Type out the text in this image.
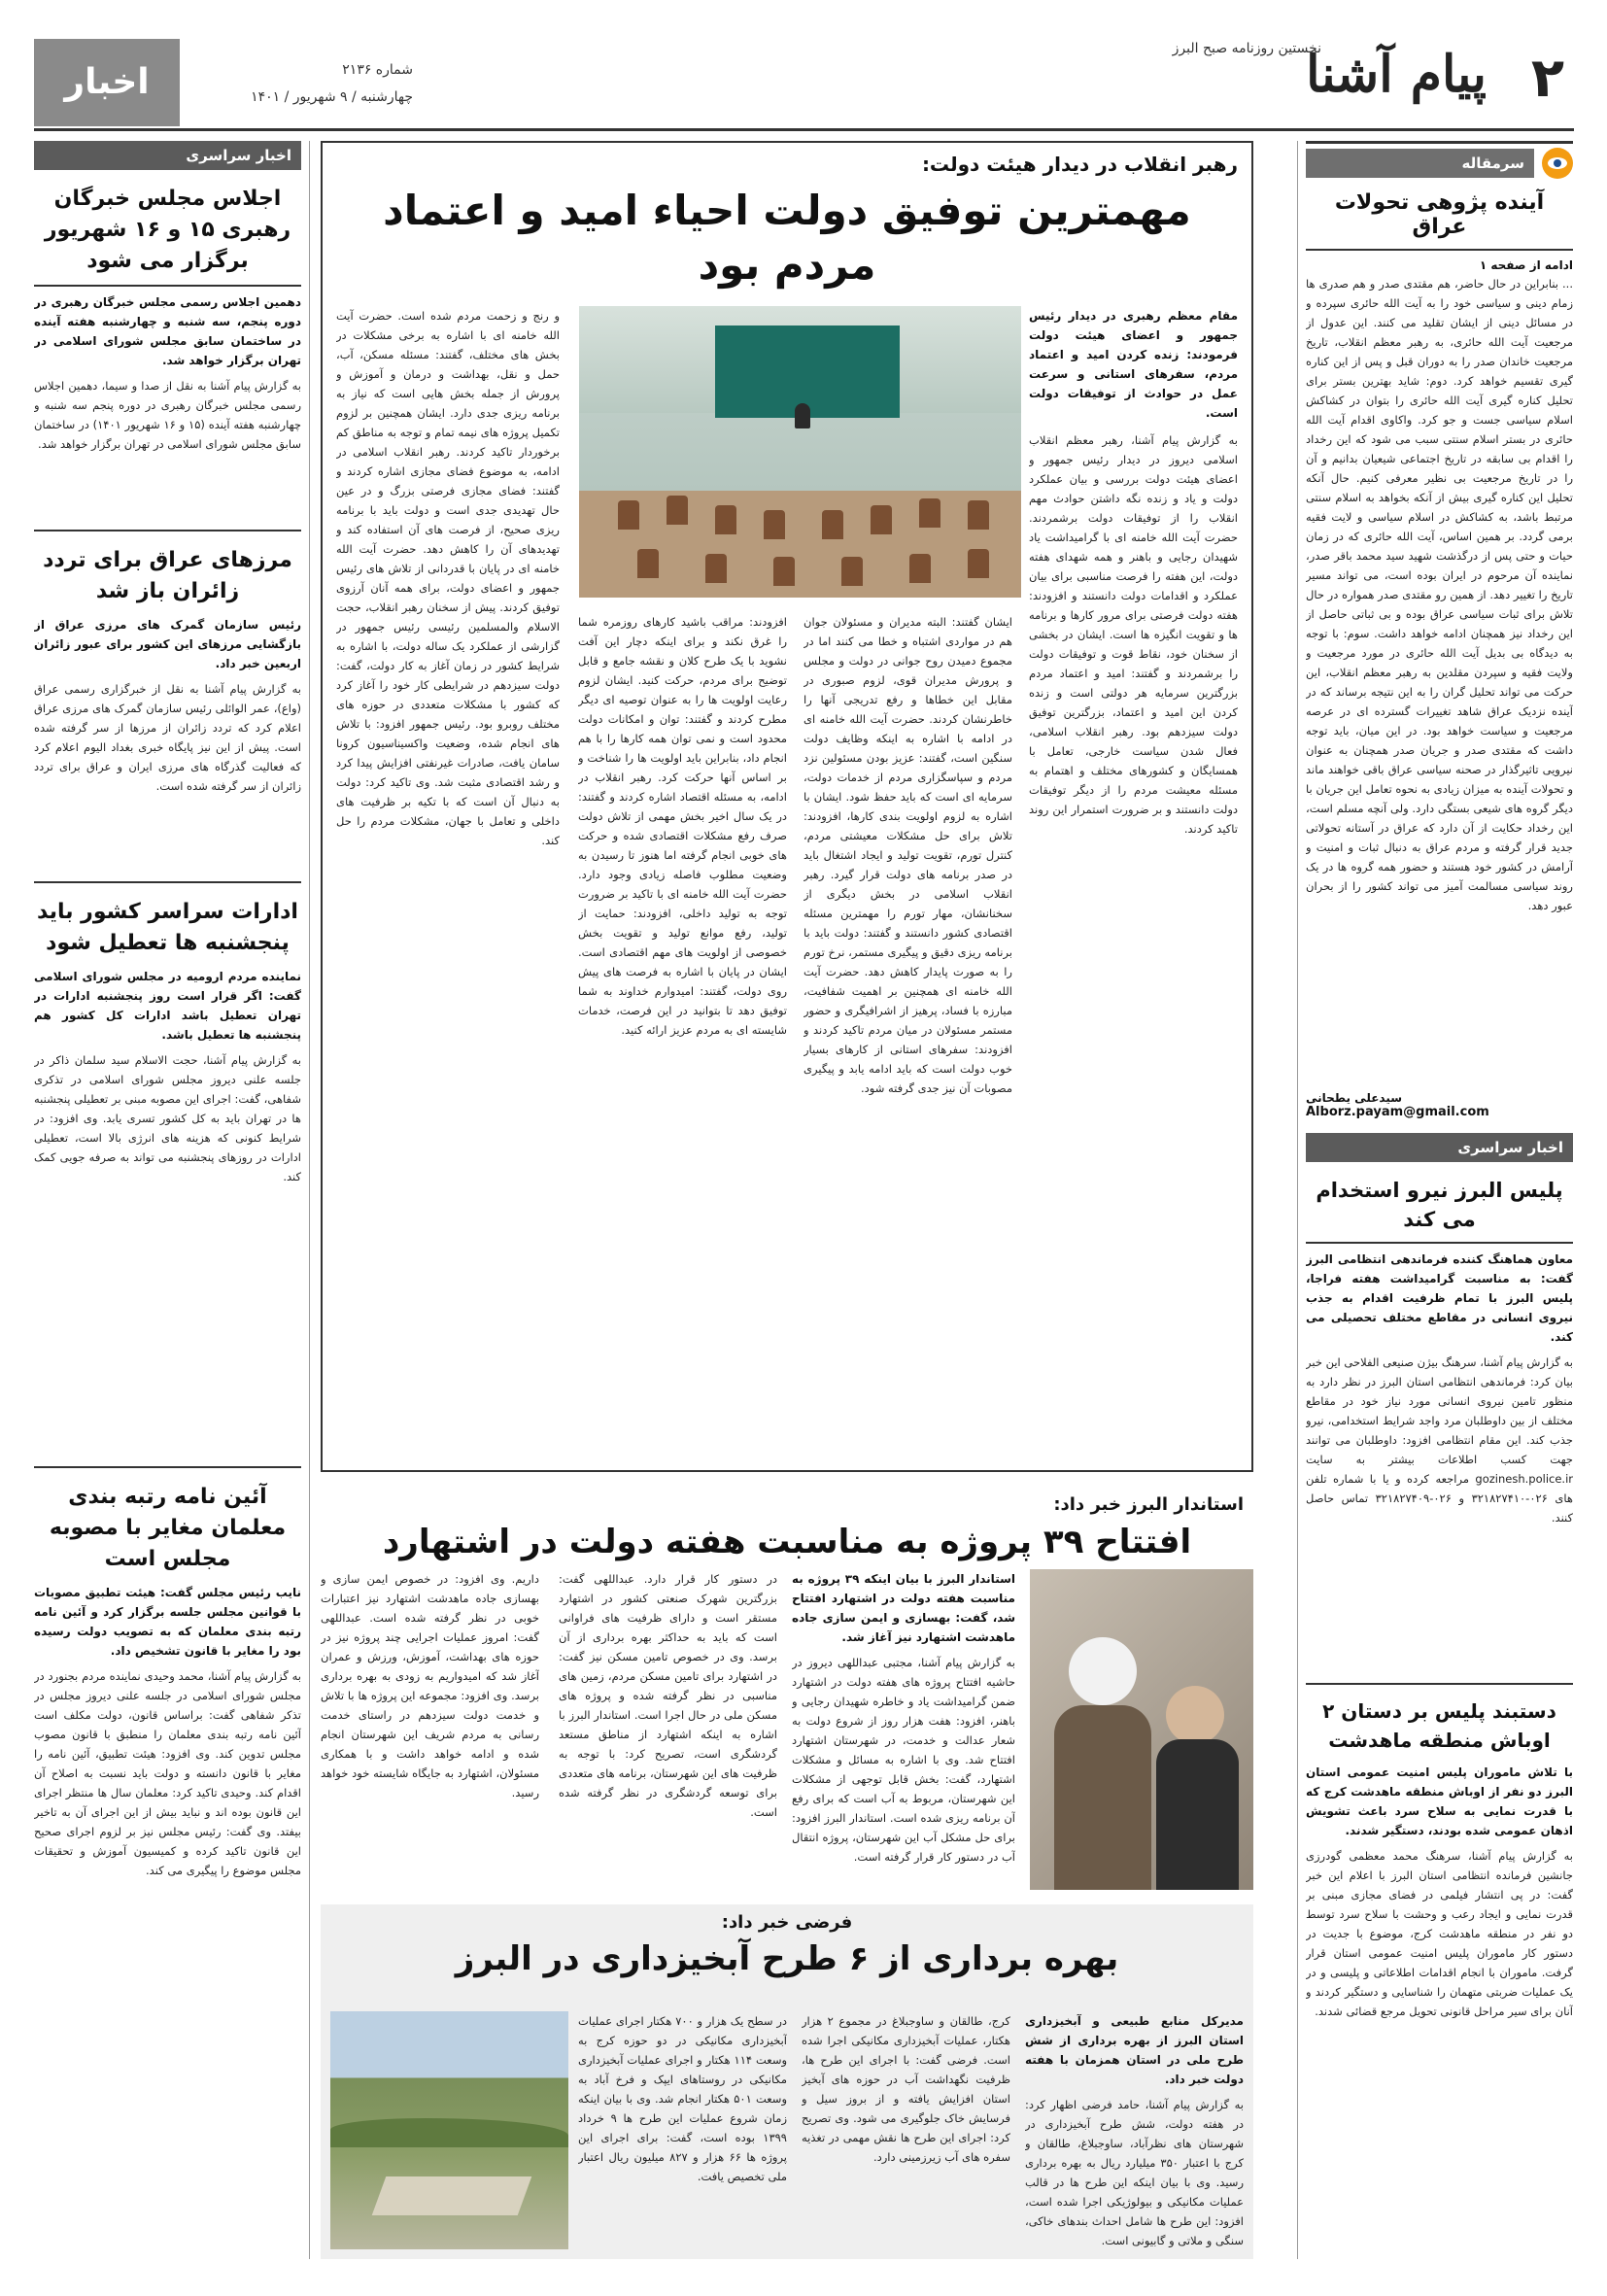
۲
پیام آشنا
نخستین روزنامه صبح البرز
شماره ۲۱۳۶
چهارشنبه / ۹ شهریور / ۱۴۰۱
اخبار
سرمقاله
آینده پژوهی تحولات عراق
ادامه از صفحه ۱

... بنابراین در حال حاضر، هم مقتدی صدر و هم صدری ها زمام دینی و سیاسی خود را به آیت الله حائری سپرده و در مسائل دینی از ایشان تقلید می کنند. این عدول از مرجعیت آیت الله حائری، به رهبر معظم انقلاب، تاریخ مرجعیت خاندان صدر را به دوران قبل و پس از این کناره گیری تقسیم خواهد کرد. دوم: شاید بهترین بستر برای تحلیل کناره گیری آیت الله حائری را بتوان در کشاکش اسلام سیاسی جست و جو کرد. واکاوی اقدام آیت الله حائری در بستر اسلام سنتی سبب می شود که این رخداد را اقدام بی سابقه در تاریخ اجتماعی شیعیان بدانیم و آن را در تاریخ مرجعیت بی نظیر معرفی کنیم. حال آنکه تحلیل این کناره گیری بیش از آنکه بخواهد به اسلام سنتی مرتبط باشد، به کشاکش در اسلام سیاسی و لایت فقیه برمی گردد. بر همین اساس، آیت الله حائری که در زمان حیات و حتی پس از درگذشت شهید سید محمد باقر صدر، نماینده آن مرحوم در ایران بوده است، می تواند مسیر تاریخ را تغییر دهد. از همین رو مقتدی صدر همواره در حال تلاش برای ثبات سیاسی عراق بوده و بی ثباتی حاصل از این رخداد نیز همچنان ادامه خواهد داشت. سوم: با توجه به دیدگاه بی بدیل آیت الله حائری در مورد مرجعیت و ولایت فقیه و سپردن مقلدین به رهبر معظم انقلاب، این حرکت می تواند تحلیل گران را به این نتیجه برساند که در آینده نزدیک عراق شاهد تغییرات گسترده ای در عرصه مرجعیت و سیاست خواهد بود. در این میان، باید توجه داشت که مقتدی صدر و جریان صدر همچنان به عنوان نیرویی تاثیرگذار در صحنه سیاسی عراق باقی خواهند ماند و تحولات آینده به میزان زیادی به نحوه تعامل این جریان با دیگر گروه های شیعی بستگی دارد. ولی آنچه مسلم است، این رخداد حکایت از آن دارد که عراق در آستانه تحولاتی جدید قرار گرفته و مردم عراق به دنبال ثبات و امنیت و آرامش در کشور خود هستند و حضور همه گروه ها در یک روند سیاسی مسالمت آمیز می تواند کشور را از بحران عبور دهد.

سیدعلی یطحانی
Alborz.payam@gmail.com
اخبار سراسری
پلیس البرز نیرو استخدام می کند

معاون هماهنگ کننده فرماندهی انتظامی البرز گفت: به مناسبت گرامیداشت هفته فراجا، پلیس البرز با تمام ظرفیت اقدام به جذب نیروی انسانی در مقاطع مختلف تحصیلی می کند.

به گزارش پیام آشنا، سرهنگ بیژن صنیعی الفلاحی این خبر بیان کرد: فرماندهی انتظامی استان البرز در نظر دارد به منظور تامین نیروی انسانی مورد نیاز خود در مقاطع مختلف از بین داوطلبان مرد واجد شرایط استخدامی، نیرو جذب کند. این مقام انتظامی افزود: داوطلبان می توانند جهت کسب اطلاعات بیشتر به سایت gozinesh.police.ir مراجعه کرده و یا با شماره تلفن های ۰۲۶-۳۲۱۸۲۷۴۱۰ و ۰۲۶-۳۲۱۸۲۷۴۰۹ تماس حاصل کنند.

دستبند پلیس بر دستان ۲ اوباش منطقه ماهدشت

با تلاش ماموران پلیس امنیت عمومی استان البرز دو نفر از اوباش منطقه ماهدشت کرج که با قدرت نمایی به سلاح سرد باعث تشویش اذهان عمومی شده بودند، دستگیر شدند.

به گزارش پیام آشنا، سرهنگ محمد معظمی گودرزی جانشین فرمانده انتظامی استان البرز با اعلام این خبر گفت: در پی انتشار فیلمی در فضای مجازی مبنی بر قدرت نمایی و ایجاد رعب و وحشت با سلاح سرد توسط دو نفر در منطقه ماهدشت کرج، موضوع با جدیت در دستور کار ماموران پلیس امنیت عمومی استان قرار گرفت. ماموران با انجام اقدامات اطلاعاتی و پلیسی و در یک عملیات ضربتی متهمان را شناسایی و دستگیر کردند و آنان برای سیر مراحل قانونی تحویل مرجع قضائی شدند.

رهبر انقلاب در دیدار هیئت دولت:
مهمترین توفیق دولت احیاء امید و اعتماد مردم بود

مقام معظم رهبری در دیدار رئیس جمهور و اعضای هیئت دولت فرمودند: زنده کردن امید و اعتماد مردم، سفرهای استانی و سرعت عمل در حوادث از توفیقات دولت است.

به گزارش پیام آشنا، رهبر معظم انقلاب اسلامی دیروز در دیدار رئیس جمهور و اعضای هیئت دولت بررسی و بیان عملکرد دولت و یاد و زنده نگه داشتن حوادث مهم انقلاب را از توفیقات دولت برشمردند. حضرت آیت الله خامنه ای با گرامیداشت یاد شهیدان رجایی و باهنر و همه شهدای هفته دولت، این هفته را فرصت مناسبی برای بیان عملکرد و اقدامات دولت دانستند و افزودند: هفته دولت فرصتی برای مرور کارها و برنامه ها و تقویت انگیزه ها است. ایشان در بخشی از سخنان خود، نقاط قوت و توفیقات دولت را برشمردند و گفتند: امید و اعتماد مردم بزرگترین سرمایه هر دولتی است و زنده کردن این امید و اعتماد، بزرگترین توفیق دولت سیزدهم بود. رهبر انقلاب اسلامی، فعال شدن سیاست خارجی، تعامل با همسایگان و کشورهای مختلف و اهتمام به مسئله معیشت مردم را از دیگر توفیقات دولت دانستند و بر ضرورت استمرار این روند تاکید کردند.

ایشان گفتند: البته مدیران و مسئولان جوان هم در مواردی اشتباه و خطا می کنند اما در مجموع دمیدن روح جوانی در دولت و مجلس و پرورش مدیران قوی، لزوم صبوری در مقابل این خطاها و رفع تدریجی آنها را خاطرنشان کردند. حضرت آیت الله خامنه ای در ادامه با اشاره به اینکه وظایف دولت سنگین است، گفتند: عزیز بودن مسئولین نزد مردم و سپاسگزاری مردم از خدمات دولت، سرمایه ای است که باید حفظ شود. ایشان با اشاره به لزوم اولویت بندی کارها، افزودند: تلاش برای حل مشکلات معیشتی مردم، کنترل تورم، تقویت تولید و ایجاد اشتغال باید در صدر برنامه های دولت قرار گیرد. رهبر انقلاب اسلامی در بخش دیگری از سخنانشان، مهار تورم را مهمترین مسئله اقتصادی کشور دانستند و گفتند: دولت باید با برنامه ریزی دقیق و پیگیری مستمر، نرخ تورم را به صورت پایدار کاهش دهد. حضرت آیت الله خامنه ای همچنین بر اهمیت شفافیت، مبارزه با فساد، پرهیز از اشرافیگری و حضور مستمر مسئولان در میان مردم تاکید کردند و افزودند: سفرهای استانی از کارهای بسیار خوب دولت است که باید ادامه یابد و پیگیری مصوبات آن نیز جدی گرفته شود.

افزودند: مراقب باشید کارهای روزمره شما را غرق نکند و برای اینکه دچار این آفت نشوید با یک طرح کلان و نقشه جامع و قابل توضیح برای مردم، حرکت کنید. ایشان لزوم رعایت اولویت ها را به عنوان توصیه ای دیگر مطرح کردند و گفتند: توان و امکانات دولت محدود است و نمی توان همه کارها را با هم انجام داد، بنابراین باید اولویت ها را شناخت و بر اساس آنها حرکت کرد. رهبر انقلاب در ادامه، به مسئله اقتصاد اشاره کردند و گفتند: در یک سال اخیر بخش مهمی از تلاش دولت صرف رفع مشکلات اقتصادی شده و حرکت های خوبی انجام گرفته اما هنوز تا رسیدن به وضعیت مطلوب فاصله زیادی وجود دارد. حضرت آیت الله خامنه ای با تاکید بر ضرورت توجه به تولید داخلی، افزودند: حمایت از تولید، رفع موانع تولید و تقویت بخش خصوصی از اولویت های مهم اقتصادی است. ایشان در پایان با اشاره به فرصت های پیش روی دولت، گفتند: امیدوارم خداوند به شما توفیق دهد تا بتوانید در این فرصت، خدمات شایسته ای به مردم عزیز ارائه کنید.

و رنج و زحمت مردم شده است. حضرت آیت الله خامنه ای با اشاره به برخی مشکلات در بخش های مختلف، گفتند: مسئله مسکن، آب، حمل و نقل، بهداشت و درمان و آموزش و پرورش از جمله بخش هایی است که نیاز به برنامه ریزی جدی دارد. ایشان همچنین بر لزوم تکمیل پروژه های نیمه تمام و توجه به مناطق کم برخوردار تاکید کردند. رهبر انقلاب اسلامی در ادامه، به موضوع فضای مجازی اشاره کردند و گفتند: فضای مجازی فرصتی بزرگ و در عین حال تهدیدی جدی است و دولت باید با برنامه ریزی صحیح، از فرصت های آن استفاده کند و تهدیدهای آن را کاهش دهد. حضرت آیت الله خامنه ای در پایان با قدردانی از تلاش های رئیس جمهور و اعضای دولت، برای همه آنان آرزوی توفیق کردند. پیش از سخنان رهبر انقلاب، حجت الاسلام والمسلمین رئیسی رئیس جمهور در گزارشی از عملکرد یک ساله دولت، با اشاره به شرایط کشور در زمان آغاز به کار دولت، گفت: دولت سیزدهم در شرایطی کار خود را آغاز کرد که کشور با مشکلات متعددی در حوزه های مختلف روبرو بود. رئیس جمهور افزود: با تلاش های انجام شده، وضعیت واکسیناسیون کرونا سامان یافت، صادرات غیرنفتی افزایش پیدا کرد و رشد اقتصادی مثبت شد. وی تاکید کرد: دولت به دنبال آن است که با تکیه بر ظرفیت های داخلی و تعامل با جهان، مشکلات مردم را حل کند.

استاندار البرز خبر داد:
افتتاح ۳۹ پروژه به مناسبت هفته دولت در اشتهارد

استاندار البرز با بیان اینکه ۳۹ پروژه به مناسبت هفته دولت در اشتهارد افتتاح شد، گفت: بهسازی و ایمن سازی جاده ماهدشت اشتهارد نیز آغاز شد.

به گزارش پیام آشنا، مجتبی عبداللهی دیروز در حاشیه افتتاح پروژه های هفته دولت در اشتهارد ضمن گرامیداشت یاد و خاطره شهیدان رجایی و باهنر، افزود: هفت هزار روز از شروع دولت به شعار عدالت و خدمت، در شهرستان اشتهارد افتتاح شد. وی با اشاره به مسائل و مشکلات اشتهارد، گفت: بخش قابل توجهی از مشکلات این شهرستان، مربوط به آب است که برای رفع آن برنامه ریزی شده است. استاندار البرز افزود: برای حل مشکل آب این شهرستان، پروژه انتقال آب در دستور کار قرار گرفته است.

در دستور کار قرار دارد. عبداللهی گفت: بزرگترین شهرک صنعتی کشور در اشتهارد مستقر است و دارای ظرفیت های فراوانی است که باید به حداکثر بهره برداری از آن برسد. وی در خصوص تامین مسکن نیز گفت: در اشتهارد برای تامین مسکن مردم، زمین های مناسبی در نظر گرفته شده و پروژه های مسکن ملی در حال اجرا است. استاندار البرز با اشاره به اینکه اشتهارد از مناطق مستعد گردشگری است، تصریح کرد: با توجه به ظرفیت های این شهرستان، برنامه های متعددی برای توسعه گردشگری در نظر گرفته شده است.

داریم. وی افزود: در خصوص ایمن سازی و بهسازی جاده ماهدشت اشتهارد نیز اعتبارات خوبی در نظر گرفته شده است. عبداللهی گفت: امروز عملیات اجرایی چند پروژه نیز در حوزه های بهداشت، آموزش، ورزش و عمران آغاز شد که امیدواریم به زودی به بهره برداری برسد. وی افزود: مجموعه این پروژه ها با تلاش و خدمت دولت سیزدهم در راستای خدمت رسانی به مردم شریف این شهرستان انجام شده و ادامه خواهد داشت و با همکاری مسئولان، اشتهارد به جایگاه شایسته خود خواهد رسید.

فرضی خبر داد:
بهره برداری از ۶ طرح آبخیزداری در البرز

مدیرکل منابع طبیعی و آبخیزداری استان البرز از بهره برداری از شش طرح ملی در استان همزمان با هفته دولت خبر داد.

به گزارش پیام آشنا، حامد فرضی اظهار کرد: در هفته دولت، شش طرح آبخیزداری در شهرستان های نظرآباد، ساوجبلاغ، طالقان و کرج با اعتبار ۳۵۰ میلیارد ریال به بهره برداری رسید. وی با بیان اینکه این طرح ها در قالب عملیات مکانیکی و بیولوژیکی اجرا شده است، افزود: این طرح ها شامل احداث بندهای خاکی، سنگی و ملاتی و گابیونی است.

کرج، طالقان و ساوجبلاغ در مجموع ۲ هزار هکتار، عملیات آبخیزداری مکانیکی اجرا شده است. فرضی گفت: با اجرای این طرح ها، ظرفیت نگهداشت آب در حوزه های آبخیز استان افزایش یافته و از بروز سیل و فرسایش خاک جلوگیری می شود. وی تصریح کرد: اجرای این طرح ها نقش مهمی در تغذیه سفره های آب زیرزمینی دارد.

در سطح یک هزار و ۷۰۰ هکتار اجرای عملیات آبخیزداری مکانیکی در دو حوزه کرج به وسعت ۱۱۴ هکتار و اجرای عملیات آبخیزداری مکانیکی در روستاهای ایپک و فرخ آباد به وسعت ۵۰۱ هکتار انجام شد. وی با بیان اینکه زمان شروع عملیات این طرح ها ۹ خرداد ۱۳۹۹ بوده است، گفت: برای اجرای این پروژه ها ۶۶ هزار و ۸۲۷ میلیون ریال اعتبار ملی تخصیص یافت.

اخبار سراسری
اجلاس مجلس خبرگان رهبری ۱۵ و ۱۶ شهریور برگزار می شود

دهمین اجلاس رسمی مجلس خبرگان رهبری در دوره پنجم، سه شنبه و چهارشنبه هفته آینده در ساختمان سابق مجلس شورای اسلامی در تهران برگزار خواهد شد.

به گزارش پیام آشنا به نقل از صدا و سیما، دهمین اجلاس رسمی مجلس خبرگان رهبری در دوره پنجم سه شنبه و چهارشنبه هفته آینده (۱۵ و ۱۶ شهریور ۱۴۰۱) در ساختمان سابق مجلس شورای اسلامی در تهران برگزار خواهد شد.

مرزهای عراق برای تردد زائران باز شد

رئیس سازمان گمرک های مرزی عراق از بازگشایی مرزهای این کشور برای عبور زائران اربعین خبر داد.

به گزارش پیام آشنا به نقل از خبرگزاری رسمی عراق (واع)، عمر الوائلی رئیس سازمان گمرک های مرزی عراق اعلام کرد که تردد زائران از مرزها از سر گرفته شده است. پیش از این نیز پایگاه خبری بغداد الیوم اعلام کرد که فعالیت گذرگاه های مرزی ایران و عراق برای تردد زائران از سر گرفته شده است.

ادارات سراسر کشور باید پنجشنبه ها تعطیل شود

نماینده مردم ارومیه در مجلس شورای اسلامی گفت: اگر قرار است روز پنجشنبه ادارات در تهران تعطیل باشد ادارات کل کشور هم پنجشنبه ها تعطیل باشد.

به گزارش پیام آشنا، حجت الاسلام سید سلمان ذاکر در جلسه علنی دیروز مجلس شورای اسلامی در تذکری شفاهی، گفت: اجرای این مصوبه مبنی بر تعطیلی پنجشنبه ها در تهران باید به کل کشور تسری یابد. وی افزود: در شرایط کنونی که هزینه های انرژی بالا است، تعطیلی ادارات در روزهای پنجشنبه می تواند به صرفه جویی کمک کند.

آئین نامه رتبه بندی معلمان مغایر با مصوبه مجلس است

نایب رئیس مجلس گفت: هیئت تطبیق مصوبات با قوانین مجلس جلسه برگزار کرد و آئین نامه رتبه بندی معلمان که به تصویب دولت رسیده بود را مغایر با قانون تشخیص داد.

به گزارش پیام آشنا، محمد وحیدی نماینده مردم بجنورد در مجلس شورای اسلامی در جلسه علنی دیروز مجلس در تذکر شفاهی گفت: براساس قانون، دولت مکلف است آئین نامه رتبه بندی معلمان را منطبق با قانون مصوب مجلس تدوین کند. وی افزود: هیئت تطبیق، آئین نامه را مغایر با قانون دانسته و دولت باید نسبت به اصلاح آن اقدام کند. وحیدی تاکید کرد: معلمان سال ها منتظر اجرای این قانون بوده اند و نباید بیش از این اجرای آن به تاخیر بیفتد. وی گفت: رئیس مجلس نیز بر لزوم اجرای صحیح این قانون تاکید کرده و کمیسیون آموزش و تحقیقات مجلس موضوع را پیگیری می کند.
